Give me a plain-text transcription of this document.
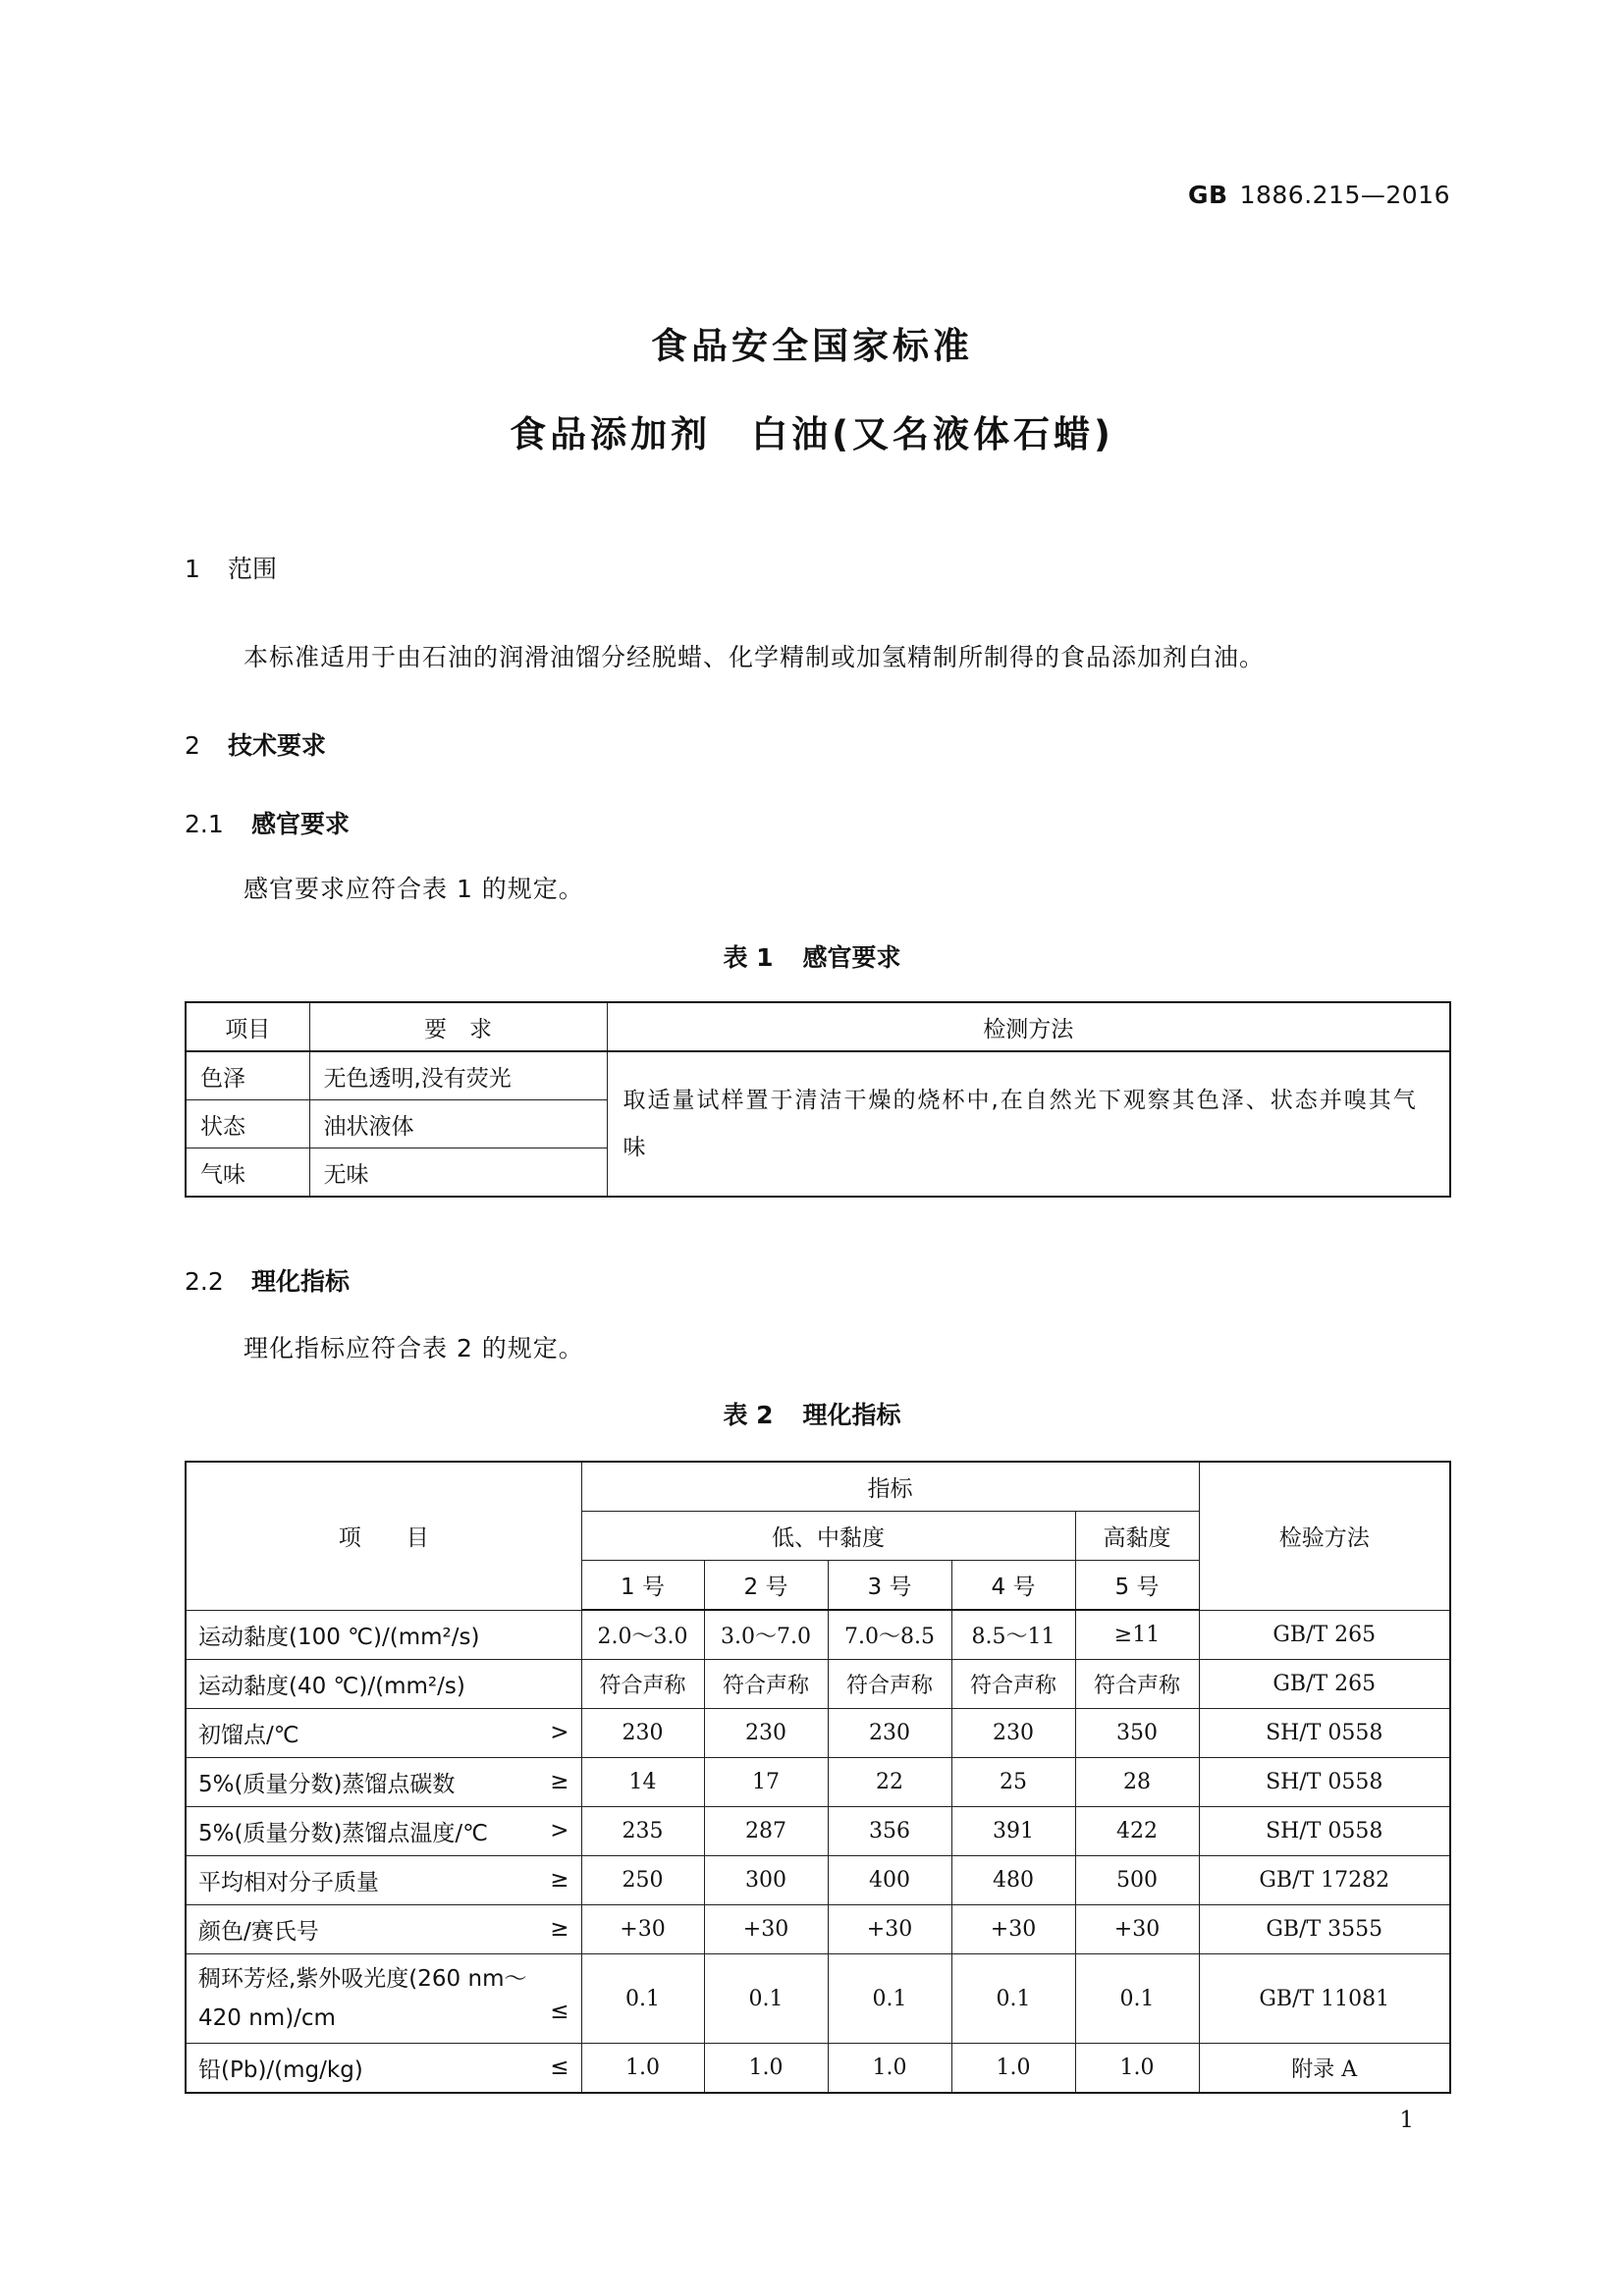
GB 1886.215—2016
食品安全国家标准
食品添加剂　白油(又名液体石蜡)
1 范围
本标准适用于由石油的润滑油馏分经脱蜡、化学精制或加氢精制所制得的食品添加剂白油。
2 技术要求
2.1 感官要求
感官要求应符合表 1 的规定。
表 1 感官要求
项目	要　求	检测方法
色泽	无色透明,没有荧光	取适量试样置于清洁干燥的烧杯中,在自然光下观察其色泽、状态并嗅其气味
状态	油状液体	
气味	无味	
2.2 理化指标
理化指标应符合表 2 的规定。
表 2 理化指标
项　　目	指标					检验方法
	低、中黏度				高黏度	
	1 号	2 号	3 号	4 号	5 号	
运动黏度(100 ℃)/(mm²/s)	2.0～3.0	3.0～7.0	7.0～8.5	8.5～11	≥11	GB/T 265
运动黏度(40 ℃)/(mm²/s)	符合声称	符合声称	符合声称	符合声称	符合声称	GB/T 265
初馏点/℃ >	230	230	230	230	350	SH/T 0558
5%(质量分数)蒸馏点碳数 ≥	14	17	22	25	28	SH/T 0558
5%(质量分数)蒸馏点温度/℃ >	235	287	356	391	422	SH/T 0558
平均相对分子质量 ≥	250	300	400	480	500	GB/T 17282
颜色/赛氏号 ≥	+30	+30	+30	+30	+30	GB/T 3555
稠环芳烃,紫外吸光度(260 nm～420 nm)/cm ≤	0.1	0.1	0.1	0.1	0.1	GB/T 11081
铅(Pb)/(mg/kg) ≤	1.0	1.0	1.0	1.0	1.0	附录 A
1
